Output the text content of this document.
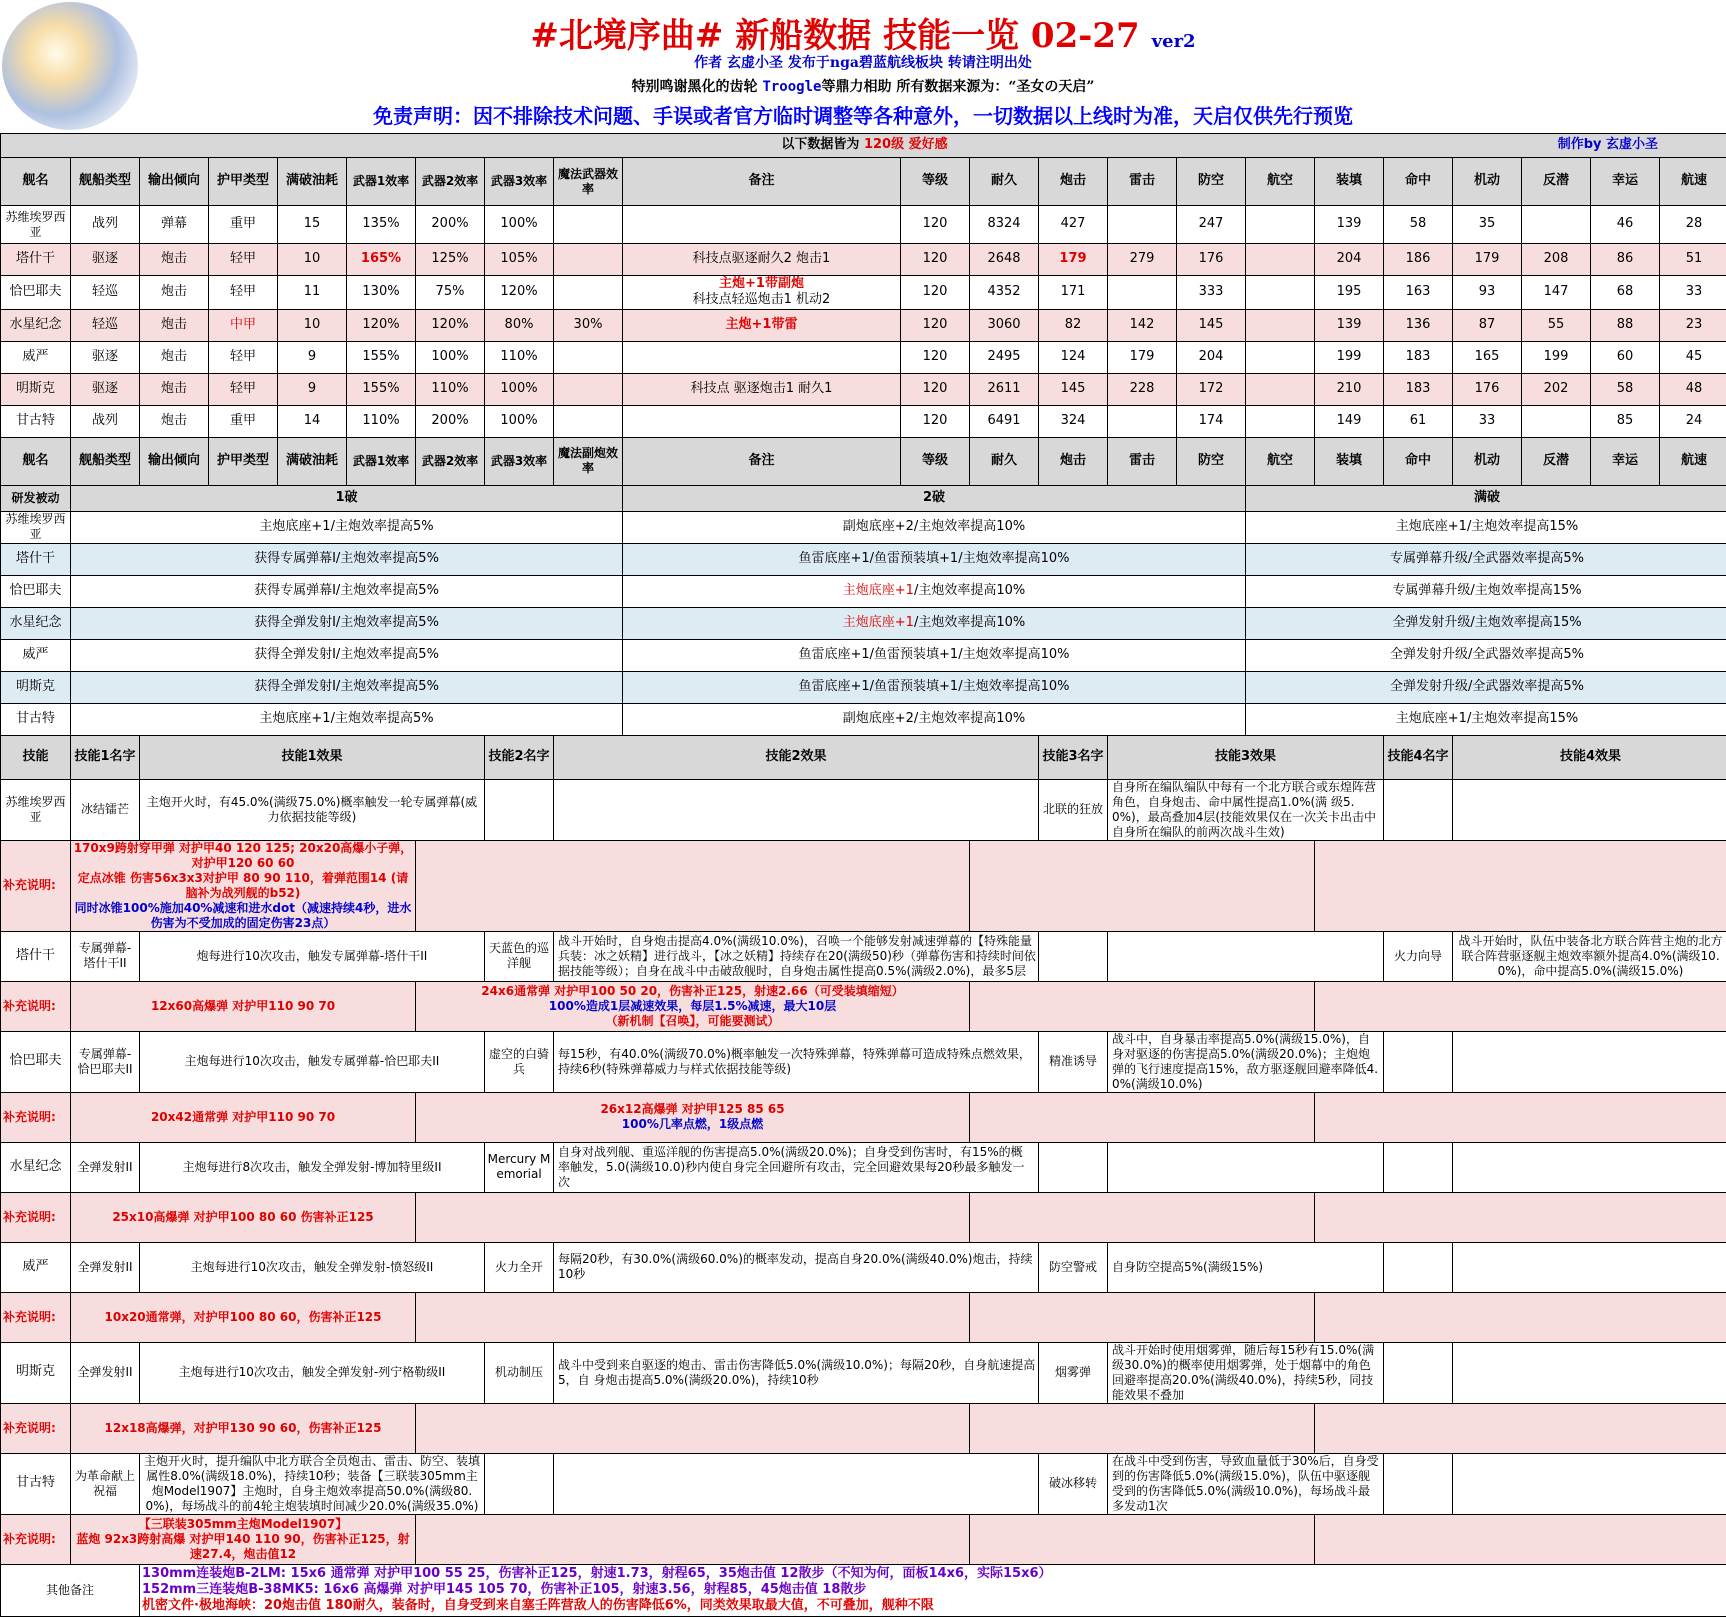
#北境序曲# 新船数据 技能一览 02-27 ver2
作者 玄虚小圣 发布于nga碧蓝航线板块 转请注明出处
特别鸣谢黑化的齿轮 Troogle等鼎力相助 所有数据来源为：“圣女の天启”
免责声明：因不排除技术问题、手误或者官方临时调整等各种意外，一切数据以上线时为准，天启仅供先行预览
以下数据皆为 120级 爱好感 制作by 玄虚小圣																					

舰名	舰船类型	输出倾向	护甲类型	满破油耗	武器1效率	武器2效率	武器3效率	魔法武器效率	备注	等级	耐久	炮击	雷击	防空	航空	装填	命中	机动	反潜	幸运	航速
苏维埃罗西亚	战列	弹幕	重甲	15	135%	200%	100%			120	8324	427		247		139	58	35		46	28
塔什干	驱逐	炮击	轻甲	10	165%	125%	105%		科技点驱逐耐久2 炮击1	120	2648	179	279	176		204	186	179	208	86	51
恰巴耶夫	轻巡	炮击	轻甲	11	130%	75%	120%		主炮+1带副炮
科技点轻巡炮击1 机动2	120	4352	171		333		195	163	93	147	68	33
水星纪念	轻巡	炮击	中甲	10	120%	120%	80%	30%	主炮+1带雷	120	3060	82	142	145		139	136	87	55	88	23
威严	驱逐	炮击	轻甲	9	155%	100%	110%			120	2495	124	179	204		199	183	165	199	60	45
明斯克	驱逐	炮击	轻甲	9	155%	110%	100%		科技点 驱逐炮击1 耐久1	120	2611	145	228	172		210	183	176	202	58	48
甘古特	战列	炮击	重甲	14	110%	200%	100%			120	6491	324		174		149	61	33		85	24
舰名	舰船类型	输出倾向	护甲类型	满破油耗	武器1效率	武器2效率	武器3效率	魔法副炮效率	备注	等级	耐久	炮击	雷击	防空	航空	装填	命中	机动	反潜	幸运	航速
研发被动	1破								2破						满破						
苏维埃罗西亚	主炮底座+1/主炮效率提高5%								副炮底座+2/主炮效率提高10%						主炮底座+1/主炮效率提高15%						
塔什干	获得专属弹幕I/主炮效率提高5%								鱼雷底座+1/鱼雷预装填+1/主炮效率提高10%						专属弹幕升级/全武器效率提高5%						
恰巴耶夫	获得专属弹幕I/主炮效率提高5%								主炮底座+1/主炮效率提高10%						专属弹幕升级/主炮效率提高15%						
水星纪念	获得全弹发射I/主炮效率提高5%								主炮底座+1/主炮效率提高10%						全弹发射升级/主炮效率提高15%						
威严	获得全弹发射I/主炮效率提高5%								鱼雷底座+1/鱼雷预装填+1/主炮效率提高10%						全弹发射升级/全武器效率提高5%						
明斯克	获得全弹发射I/主炮效率提高5%								鱼雷底座+1/鱼雷预装填+1/主炮效率提高10%						全弹发射升级/全武器效率提高5%						
甘古特	主炮底座+1/主炮效率提高5%								副炮底座+2/主炮效率提高10%						主炮底座+1/主炮效率提高15%						
技能	技能1名字	技能1效果					技能2名字	技能2效果				技能3名字	技能3效果				技能4名字	技能4效果			
苏维埃罗西亚	冰结镭芒	主炮开火时，有45.0%(满级75.0%)概率触发一轮专属弹幕(威力依据技能等级)										北联的狂放	自身所在编队编队中每有一个北方联合或东煌阵营角色，自身炮击、命中属性提高1.0%(满 级5.0%)，最高叠加4层(技能效果仅在一次关卡出击中自身所在编队的前两次战斗生效)								
补充说明:	170x9跨射穿甲弹 对护甲40 120 125; 20x20高爆小子弹，对护甲120 60 60
定点冰锥 伤害56x3x3对护甲 80 90 110，着弹范围14 (请脑补为战列舰的b52)
同时冰锥100%施加40%减速和进水dot（减速持续4秒，进水伤害为不受加成的固定伤害23点）																				

塔什干	专属弹幕-塔什干II	炮每进行10次攻击，触发专属弹幕-塔什干II					天蓝色的巡洋舰	战斗开始时，自身炮击提高4.0%(满级10.0%)，召唤一个能够发射减速弹幕的【特殊能量兵装：冰之妖精】进行战斗，【冰之妖精】持续存在20(满级50)秒（弹幕伤害和持续时间依据技能等级）；自身在战斗中击破敌舰时，自身炮击属性提高0.5%(满级2.0%)，最多5层									火力向导	战斗开始时，队伍中装备北方联合阵营主炮的北方联合阵营驱逐舰主炮效率额外提高4.0%(满级10.0%)，命中提高5.0%(满级15.0%)			
补充说明:	12x60高爆弹 对护甲110 90 70					24x6通常弹 对护甲100 50 20，伤害补正125，射速2.66（可受装填缩短）
100%造成1层减速效果，每层1.5%减速，最大10层
（新机制【召唤】，可能要测试）															

恰巴耶夫	专属弹幕-恰巴耶夫II	主炮每进行10次攻击，触发专属弹幕-恰巴耶夫II					虚空的白骑兵	每15秒，有40.0%(满级70.0%)概率触发一次特殊弹幕，特殊弹幕可造成特殊点燃效果，持续6秒(特殊弹幕威力与样式依据技能等级)				精准诱导	战斗中，自身暴击率提高5.0%(满级15.0%)，自身对驱逐的伤害提高5.0%(满级20.0%)；主炮炮弹的飞行速度提高15%，敌方驱逐舰回避率降低4.0%(满级10.0%)								
补充说明:	20x42通常弹 对护甲110 90 70					26x12高爆弹 对护甲125 85 65
100%几率点燃，1级点燃															

水星纪念	全弹发射II	主炮每进行8次攻击，触发全弹发射-博加特里级II					Mercury Memorial	自身对战列舰、重巡洋舰的伤害提高5.0%(满级20.0%)；自身受到伤害时，有15%的概 率触发，5.0(满级10.0)秒内使自身完全回避所有攻击，完全回避效果每20秒最多触发一次													
补充说明:	25x10高爆弹 对护甲100 80 60 伤害补正125																				

威严	全弹发射II	主炮每进行10次攻击，触发全弹发射-愤怒级II					火力全开	每隔20秒，有30.0%(满级60.0%)的概率发动，提高自身20.0%(满级40.0%)炮击，持续10秒				防空警戒	自身防空提高5%(满级15%)								
补充说明:	10x20通常弹，对护甲100 80 60，伤害补正125																				

明斯克	全弹发射II	主炮每进行10次攻击，触发全弹发射-列宁格勒级II					机动制压	战斗中受到来自驱逐的炮击、雷击伤害降低5.0%(满级10.0%)；每隔20秒，自身航速提高5，自 身炮击提高5.0%(满级20.0%)，持续10秒				烟雾弹	战斗开始时使用烟雾弹，随后每15秒有15.0%(满级30.0%)的概率使用烟雾弹，处于烟幕中的角色 回避率提高20.0%(满级40.0%)，持续5秒，同技能效果不叠加								
补充说明:	12x18高爆弹，对护甲130 90 60，伤害补正125																				

甘古特	为革命献上祝福	主炮开火时，提升编队中北方联合全员炮击、雷击、防空、装填属性8.0%(满级18.0%)，持续10秒；装备【三联装305mm主炮Model1907】主炮时，自身主炮效率提高50.0%(满级80.0%)，每场战斗的前4轮主炮装填时间减少20.0%(满级35.0%)										破冰移转	在战斗中受到伤害，导致血量低于30%后，自身受到的伤害降低5.0%(满级15.0%)，队伍中驱逐舰受到的伤害降低5.0%(满级10.0%)，每场战斗最多发动1次								
补充说明:	【三联装305mm主炮Model1907】
蓝炮 92x3跨射高爆 对护甲140 110 90，伤害补正125，射速27.4，炮击值12																				

其他备注		130mm连装炮B-2LM: 15x6 通常弹 对护甲100 55 25，伤害补正125，射速1.73，射程65，35炮击值 12散步（不知为何，面板14x6，实际15x6）
152mm三连装炮B-38MK5: 16x6 高爆弹 对护甲145 105 70，伤害补正105，射速3.56，射程85，45炮击值 18散步
机密文件·极地海峡：20炮击值 180耐久，装备时，自身受到来自塞壬阵营敌人的伤害降低6%，同类效果取最大值，不可叠加，舰种不限																			
